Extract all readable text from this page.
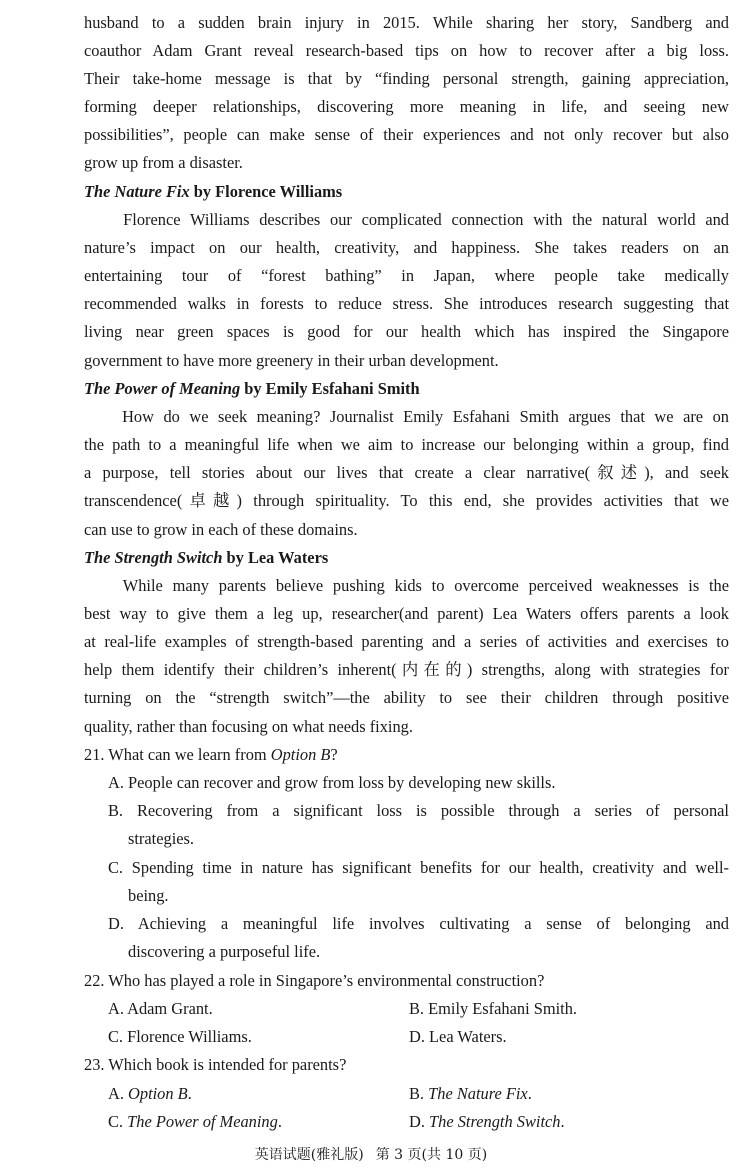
husband to a sudden brain injury in 2015. While sharing her story, Sandberg and
coauthor Adam Grant reveal research-based tips on how to recover after a big loss.
Their take-home message is that by “finding personal strength, gaining appreciation,
forming deeper relationships, discovering more meaning in life, and seeing new
possibilities”, people can make sense of their experiences and not only recover but also
grow up from a disaster.
The Nature Fix by Florence Williams
Florence Williams describes our complicated connection with the natural world and
nature’s impact on our health, creativity, and happiness. She takes readers on an
entertaining tour of “forest bathing” in Japan, where people take medically
recommended walks in forests to reduce stress. She introduces research suggesting that
living near green spaces is good for our health which has inspired the Singapore
government to have more greenery in their urban development.
The Power of Meaning by Emily Esfahani Smith
How do we seek meaning? Journalist Emily Esfahani Smith argues that we are on
the path to a meaningful life when we aim to increase our belonging within a group, find
a purpose, tell stories about our lives that create a clear narrative(叙述), and seek
transcendence(卓越) through spirituality. To this end, she provides activities that we
can use to grow in each of these domains.
The Strength Switch by Lea Waters
While many parents believe pushing kids to overcome perceived weaknesses is the
best way to give them a leg up, researcher(and parent) Lea Waters offers parents a look
at real-life examples of strength-based parenting and a series of activities and exercises to
help them identify their children’s inherent(内在的) strengths, along with strategies for
turning on the “strength switch”—the ability to see their children through positive
quality, rather than focusing on what needs fixing.
21. What can we learn from Option B?
A. People can recover and grow from loss by developing new skills.
B. Recovering from a significant loss is possible through a series of personal
strategies.
C. Spending time in nature has significant benefits for our health, creativity and well-
being.
D. Achieving a meaningful life involves cultivating a sense of belonging and
discovering a purposeful life.
22. Who has played a role in Singapore’s environmental construction?
A. Adam Grant.	B. Emily Esfahani Smith.
C. Florence Williams.	D. Lea Waters.
23. Which book is intended for parents?
A. Option B.	B. The Nature Fix.
C. The Power of Meaning.	D. The Strength Switch.
英语试题(雅礼版) 第 3 页(共 10 页)
